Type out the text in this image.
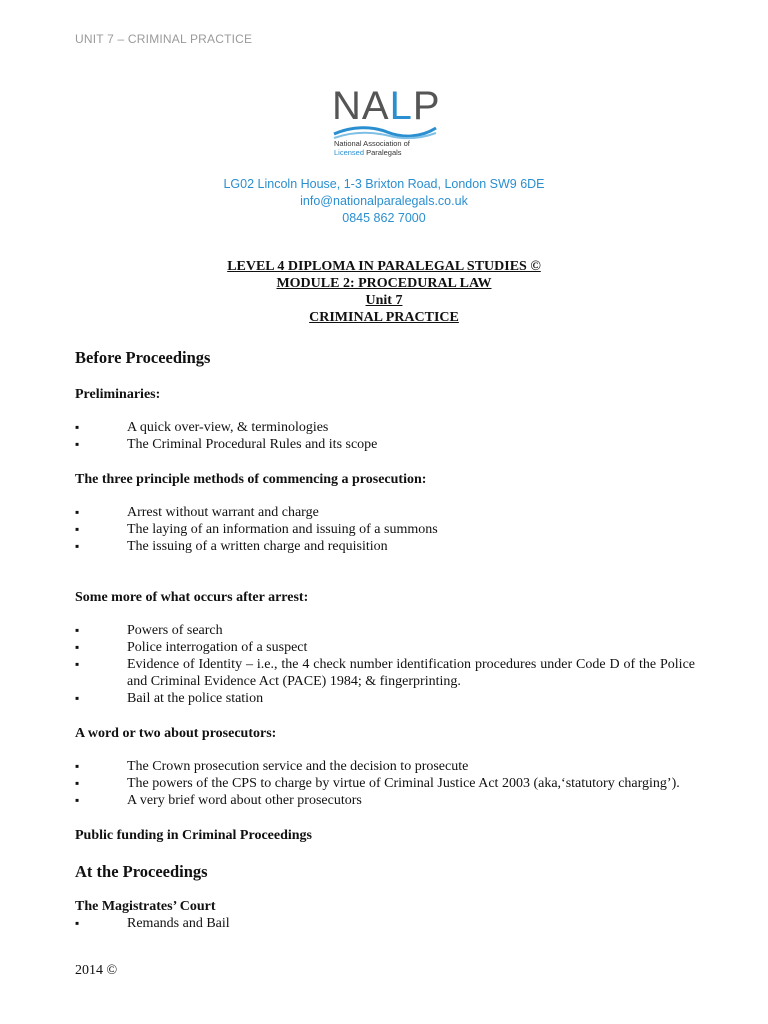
UNIT 7 – CRIMINAL PRACTICE
NALP
National Association of
Licensed Paralegals
LG02 Lincoln House, 1-3 Brixton Road, London SW9 6DE
info@nationalparalegals.co.uk
0845 862 7000
LEVEL 4 DIPLOMA IN PARALEGAL STUDIES ©
MODULE 2: PROCEDURAL LAW
Unit 7
CRIMINAL PRACTICE
Before Proceedings
Preliminaries:
▪ A quick over-view, & terminologies
▪ The Criminal Procedural Rules and its scope
The three principle methods of commencing a prosecution:
▪ Arrest without warrant and charge
▪ The laying of an information and issuing of a summons
▪ The issuing of a written charge and requisition
Some more of what occurs after arrest:
▪ Powers of search
▪ Police interrogation of a suspect
▪ Evidence of Identity – i.e., the 4 check number identification procedures under Code D of the Police and Criminal Evidence Act (PACE) 1984; & fingerprinting.
▪ Bail at the police station
A word or two about prosecutors:
▪ The Crown prosecution service and the decision to prosecute
▪ The powers of the CPS to charge by virtue of Criminal Justice Act 2003 (aka,‘statutory charging’).
▪ A very brief word about other prosecutors
Public funding in Criminal Proceedings
At the Proceedings
The Magistrates’ Court
▪ Remands and Bail
2014 ©
